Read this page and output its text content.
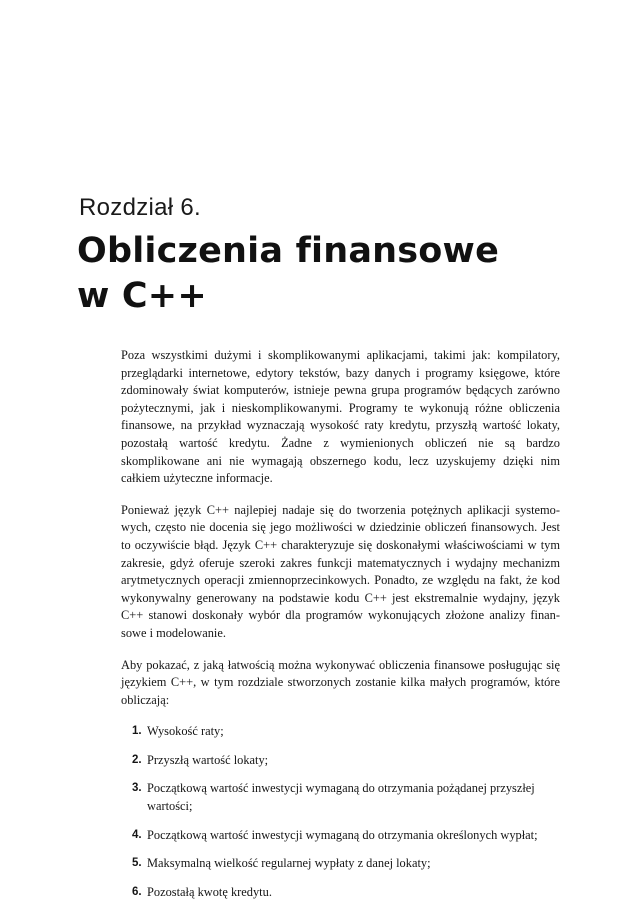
Rozdział 6.
Obliczenia finansowe
w C++

Poza wszystkimi dużymi i skomplikowanymi aplikacjami, takimi jak: kompilatory, przeglądarki internetowe, edytory tekstów, bazy danych i programy księgowe, które zdominowały świat komputerów, istnieje pewna grupa programów będących zarówno pożytecznymi, jak i nieskomplikowanymi. Programy te wykonują różne obliczenia finansowe, na przykład wyznaczają wysokość raty kredytu, przyszłą wartość lokaty, pozostałą wartość kredytu. Żadne z wymienionych obliczeń nie są bardzo skomplikowane ani nie wymagają obszernego kodu, lecz uzyskujemy dzięki nim całkiem użyteczne informacje.

Ponieważ język C++ najlepiej nadaje się do tworzenia potężnych aplikacji systemowych, często nie docenia się jego możliwości w dziedzinie obliczeń finansowych. Jest to oczywiście błąd. Język C++ charakteryzuje się doskonałymi właściwościami w tym zakresie, gdyż oferuje szeroki zakres funkcji matematycznych i wydajny mechanizm arytmetycznych operacji zmiennoprzecinkowych. Ponadto, ze względu na fakt, że kod wykonywalny generowany na podstawie kodu C++ jest ekstremalnie wydajny, język C++ stanowi doskonały wybór dla programów wykonujących złożone analizy finansowe i modelowanie.

Aby pokazać, z jaką łatwością można wykonywać obliczenia finansowe posługując się językiem C++, w tym rozdziale stworzonych zostanie kilka małych programów, które obliczają:

1. Wysokość raty;
2. Przyszłą wartość lokaty;
3. Początkową wartość inwestycji wymaganą do otrzymania pożądanej przyszłej wartości;
4. Początkową wartość inwestycji wymaganą do otrzymania określonych wypłat;
5. Maksymalną wielkość regularnej wypłaty z danej lokaty;
6. Pozostałą kwotę kredytu.
